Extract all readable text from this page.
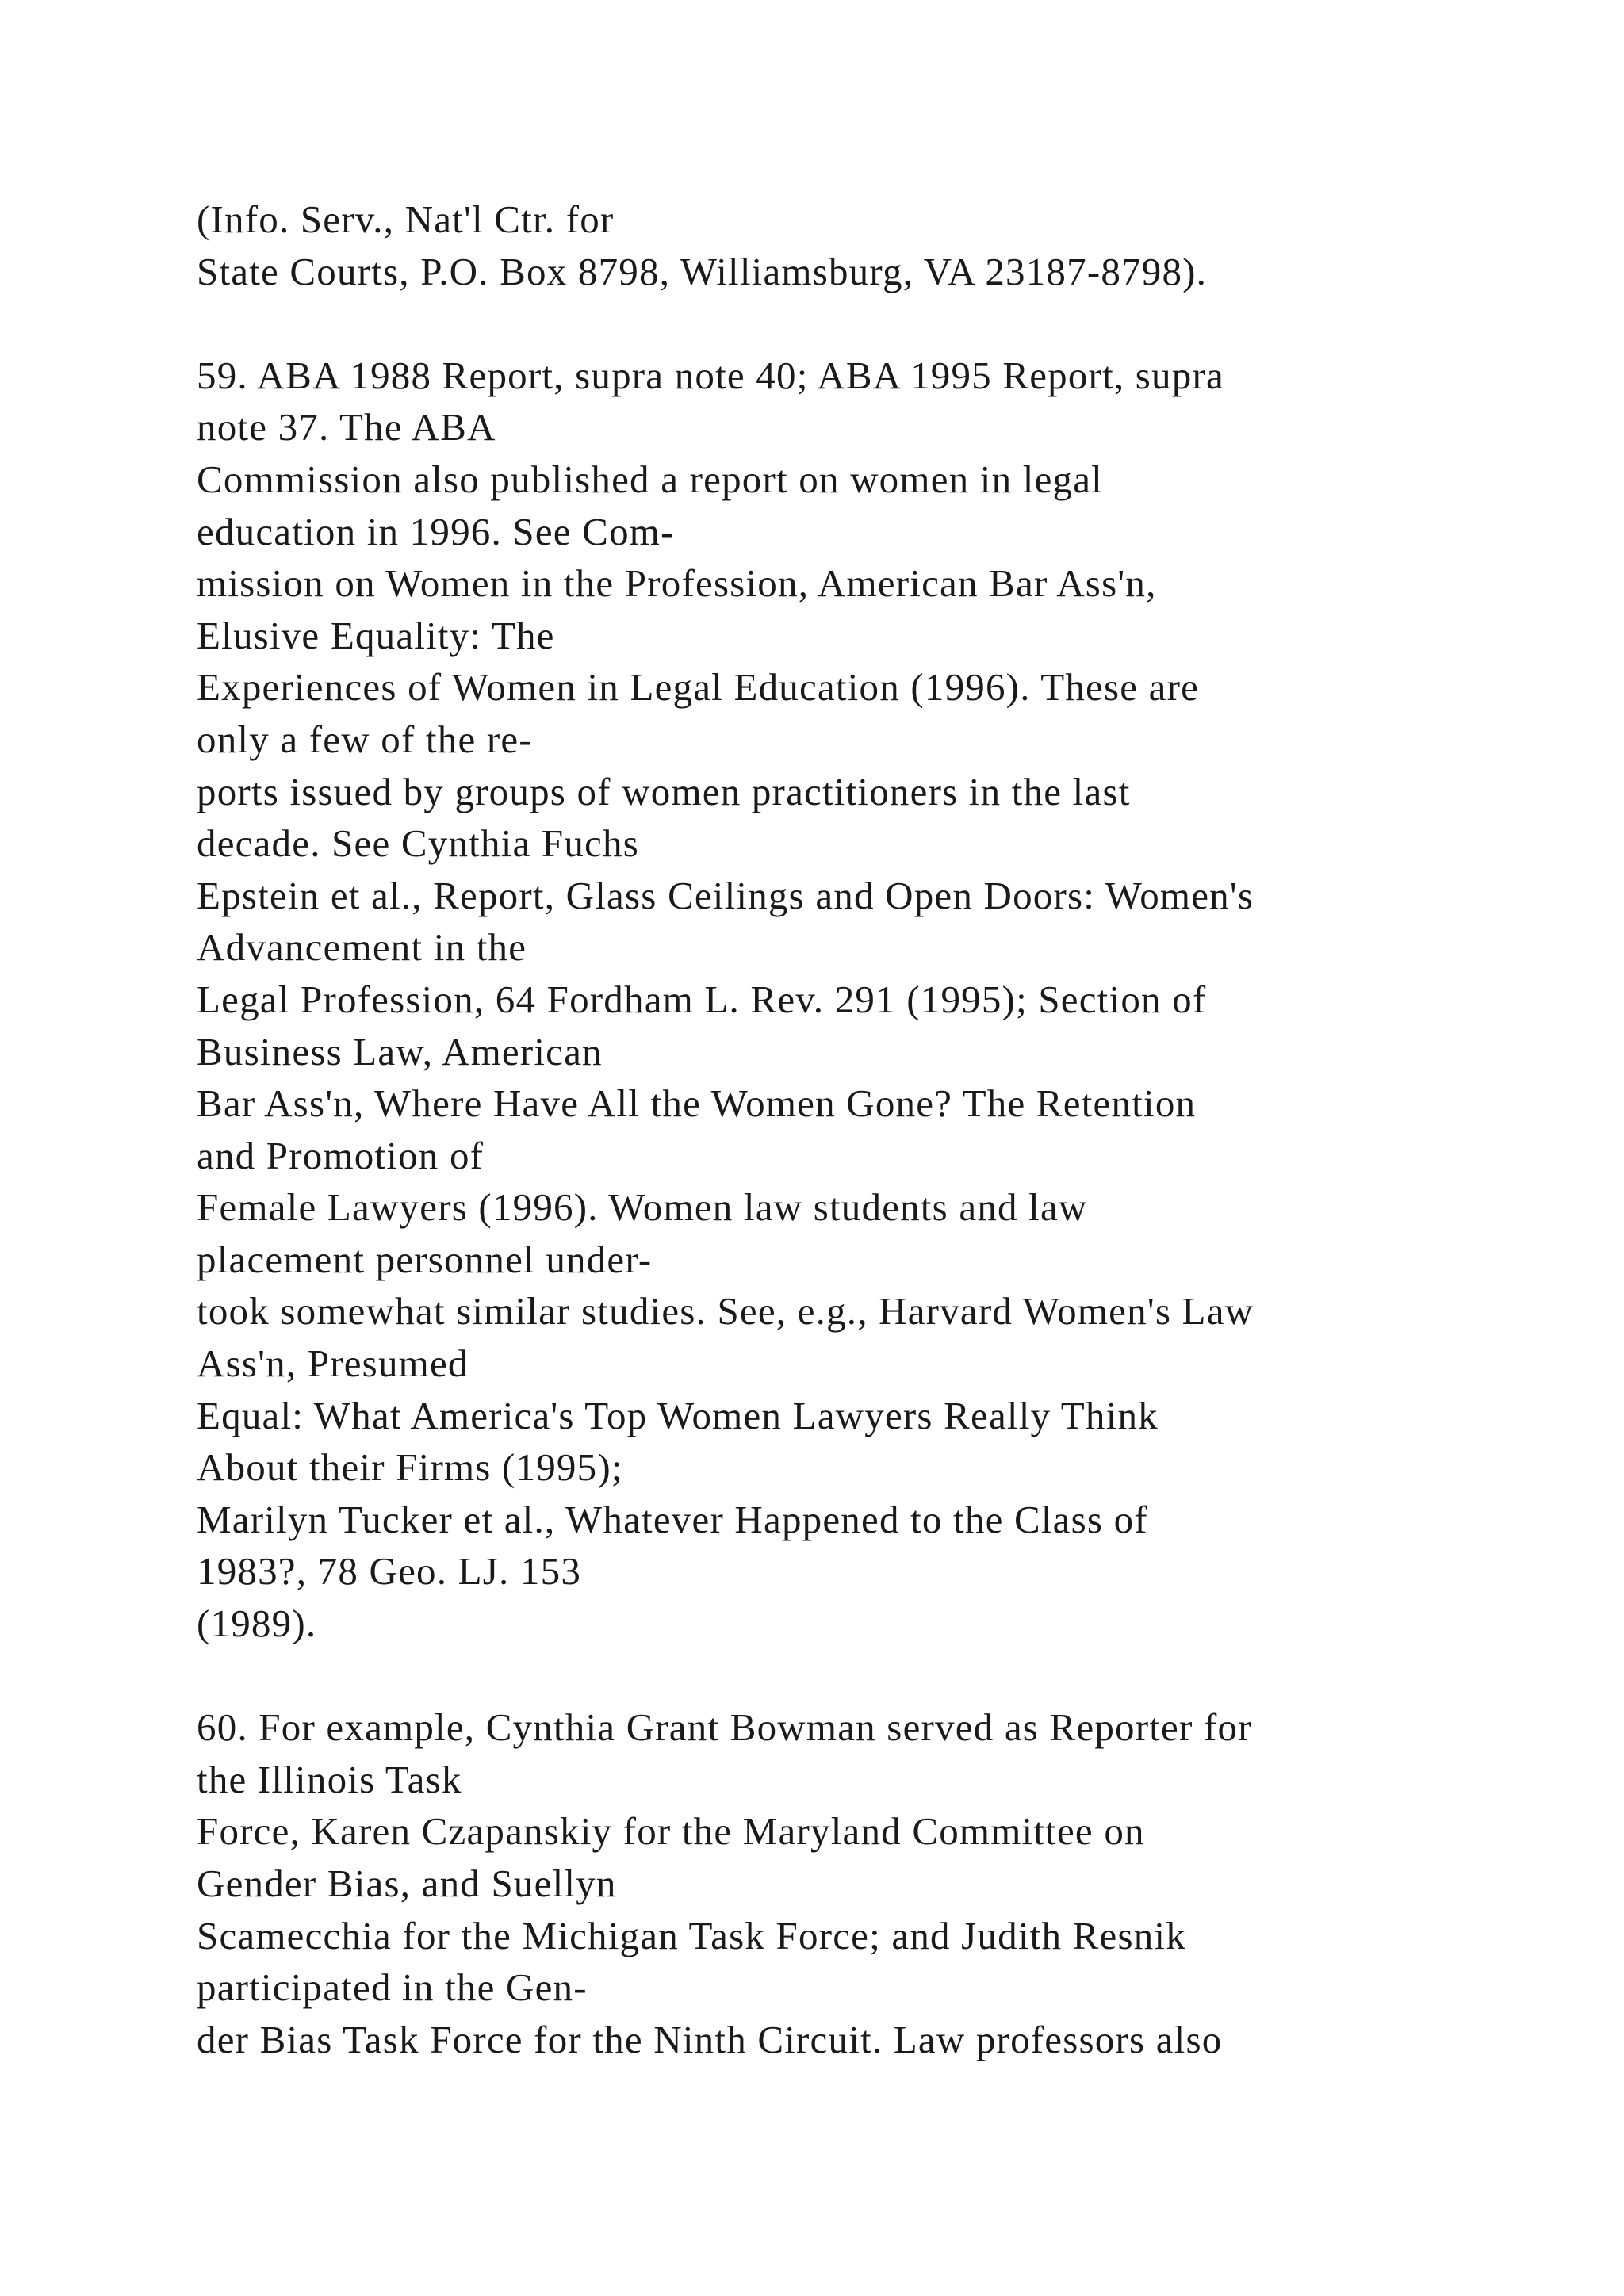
(Info. Serv., Nat'l Ctr. for
State Courts, P.O. Box 8798, Williamsburg, VA 23187-8798).
59. ABA 1988 Report, supra note 40; ABA 1995 Report, supra
note 37. The ABA
Commission also published a report on women in legal
education in 1996. See Com-
mission on Women in the Profession, American Bar Ass'n,
Elusive Equality: The
Experiences of Women in Legal Education (1996). These are
only a few of the re-
ports issued by groups of women practitioners in the last
decade. See Cynthia Fuchs
Epstein et al., Report, Glass Ceilings and Open Doors: Women's
Advancement in the
Legal Profession, 64 Fordham L. Rev. 291 (1995); Section of
Business Law, American
Bar Ass'n, Where Have All the Women Gone? The Retention
and Promotion of
Female Lawyers (1996). Women law students and law
placement personnel under-
took somewhat similar studies. See, e.g., Harvard Women's Law
Ass'n, Presumed
Equal: What America's Top Women Lawyers Really Think
About their Firms (1995);
Marilyn Tucker et al., Whatever Happened to the Class of
1983?, 78 Geo. LJ. 153
(1989).
60. For example, Cynthia Grant Bowman served as Reporter for
the Illinois Task
Force, Karen Czapanskiy for the Maryland Committee on
Gender Bias, and Suellyn
Scamecchia for the Michigan Task Force; and Judith Resnik
participated in the Gen-
der Bias Task Force for the Ninth Circuit. Law professors also
